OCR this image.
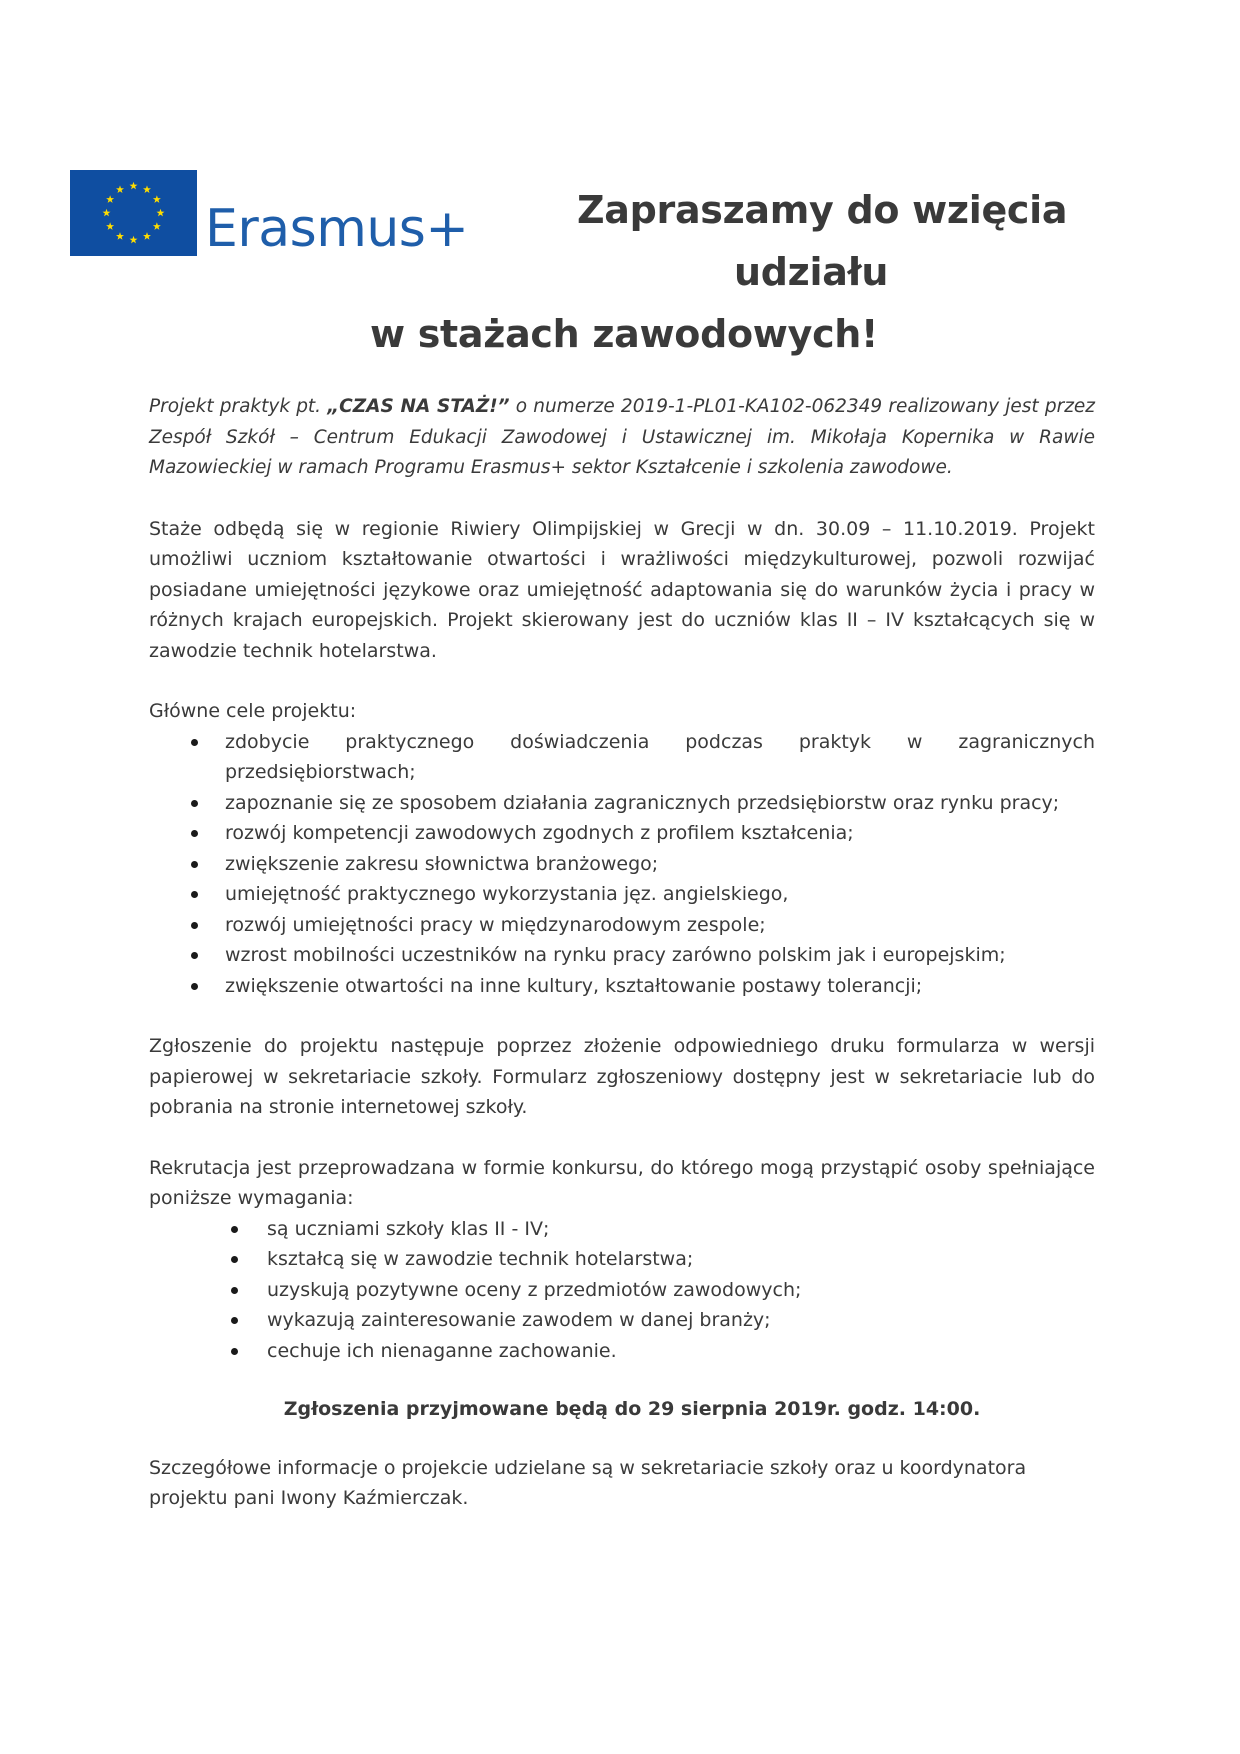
Erasmus+	Zapraszamy do wzięcia
udziału
w stażach zawodowych!

Projekt praktyk pt. „CZAS NA STAŻ!” o numerze 2019-1-PL01-KA102-062349 realizowany jest przez Zespół Szkół – Centrum Edukacji Zawodowej i Ustawicznej im. Mikołaja Kopernika w Rawie Mazowieckiej w ramach Programu Erasmus+ sektor Kształcenie i szkolenia zawodowe.

Staże odbędą się w regionie Riwiery Olimpijskiej w Grecji w dn. 30.09 – 11.10.2019. Projekt umożliwi uczniom kształtowanie otwartości i wrażliwości międzykulturowej, pozwoli rozwijać posiadane umiejętności językowe oraz umiejętność adaptowania się do warunków życia i pracy w różnych krajach europejskich. Projekt skierowany jest do uczniów klas II – IV kształcących się w zawodzie technik hotelarstwa.

Główne cele projektu:

zdobycie praktycznego doświadczenia podczas praktyk w zagranicznych przedsiębiorstwach;
zapoznanie się ze sposobem działania zagranicznych przedsiębiorstw oraz rynku pracy;
rozwój kompetencji zawodowych zgodnych z profilem kształcenia;
zwiększenie zakresu słownictwa branżowego;
umiejętność praktycznego wykorzystania jęz. angielskiego,
rozwój umiejętności pracy w międzynarodowym zespole;
wzrost mobilności uczestników na rynku pracy zarówno polskim jak i europejskim;
zwiększenie otwartości na inne kultury, kształtowanie postawy tolerancji;

Zgłoszenie do projektu następuje poprzez złożenie odpowiedniego druku formularza w wersji papierowej w sekretariacie szkoły. Formularz zgłoszeniowy dostępny jest w sekretariacie lub do pobrania na stronie internetowej szkoły.

Rekrutacja jest przeprowadzana w formie konkursu, do którego mogą przystąpić osoby spełniające poniższe wymagania:

są uczniami szkoły klas II - IV;
kształcą się w zawodzie technik hotelarstwa;
uzyskują pozytywne oceny z przedmiotów zawodowych;
wykazują zainteresowanie zawodem w danej branży;
cechuje ich nienaganne zachowanie.

Zgłoszenia przyjmowane będą do 29 sierpnia 2019r. godz. 14:00.

Szczegółowe informacje o projekcie udzielane są w sekretariacie szkoły oraz u koordynatora projektu pani Iwony Kaźmierczak.
